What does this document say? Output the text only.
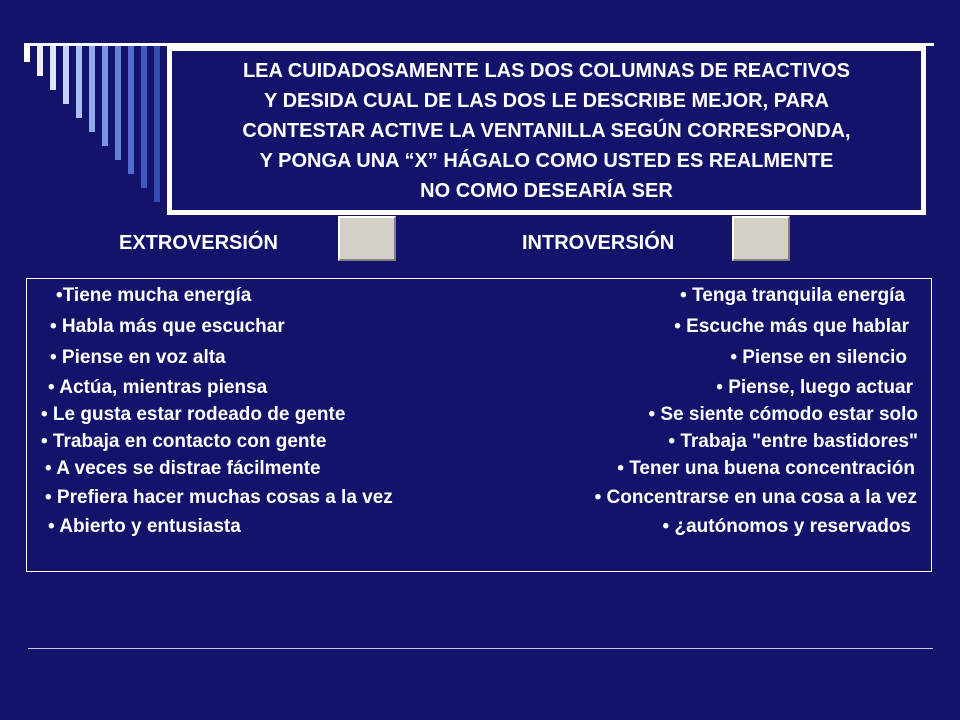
LEA CUIDADOSAMENTE LAS DOS COLUMNAS DE REACTIVOS
Y DESIDA CUAL DE LAS DOS LE DESCRIBE MEJOR, PARA
CONTESTAR ACTIVE LA VENTANILLA SEGÚN CORRESPONDA,
Y PONGA UNA “X” HÁGALO COMO USTED ES REALMENTE
NO COMO DESEARÍA SER
EXTROVERSIÓN	INTROVERSIÓN
•Tiene mucha energía
• Habla más que escuchar
• Piense en voz alta
• Actúa, mientras piensa
• Le gusta estar rodeado de gente
• Trabaja en contacto con gente
• A veces se distrae fácilmente
• Prefiera hacer muchas cosas a la vez
• Abierto y entusiasta
• Tenga tranquila energía
• Escuche más que hablar
• Piense en silencio
• Piense, luego actuar
• Se siente cómodo estar solo
• Trabaja "entre bastidores"
• Tener una buena concentración
• Concentrarse en una cosa a la vez
• ¿autónomos y reservados
